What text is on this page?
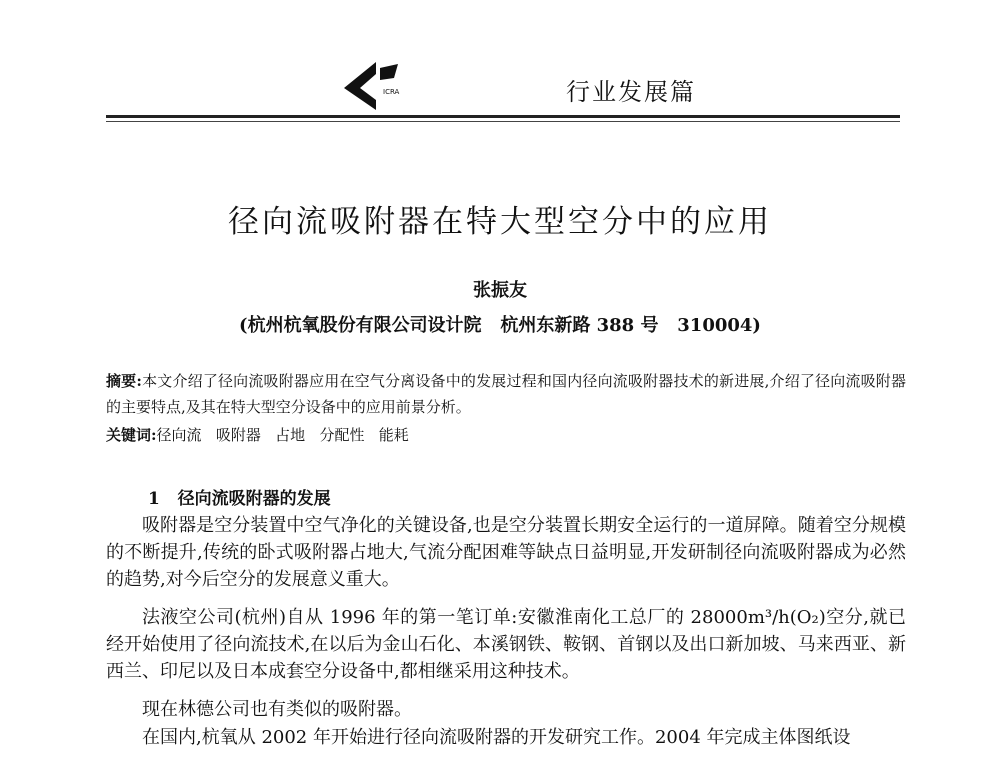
ICRA	行业发展篇
径向流吸附器在特大型空分中的应用
张振友
(杭州杭氧股份有限公司设计院   杭州东新路 388 号   310004)
摘要:本文介绍了径向流吸附器应用在空气分离设备中的发展过程和国内径向流吸附器技术的新进展,介绍了径向流吸附器的主要特点,及其在特大型空分设备中的应用前景分析。
关键词:径向流   吸附器   占地   分配性   能耗
1   径向流吸附器的发展
吸附器是空分装置中空气净化的关键设备,也是空分装置长期安全运行的一道屏障。随着空分规模的不断提升,传统的卧式吸附器占地大,气流分配困难等缺点日益明显,开发研制径向流吸附器成为必然的趋势,对今后空分的发展意义重大。
法液空公司(杭州)自从 1996 年的第一笔订单:安徽淮南化工总厂的 28000m³/h(O₂)空分,就已经开始使用了径向流技术,在以后为金山石化、本溪钢铁、鞍钢、首钢以及出口新加坡、马来西亚、新西兰、印尼以及日本成套空分设备中,都相继采用这种技术。
现在林德公司也有类似的吸附器。
在国内,杭氧从 2002 年开始进行径向流吸附器的开发研究工作。2004 年完成主体图纸设
